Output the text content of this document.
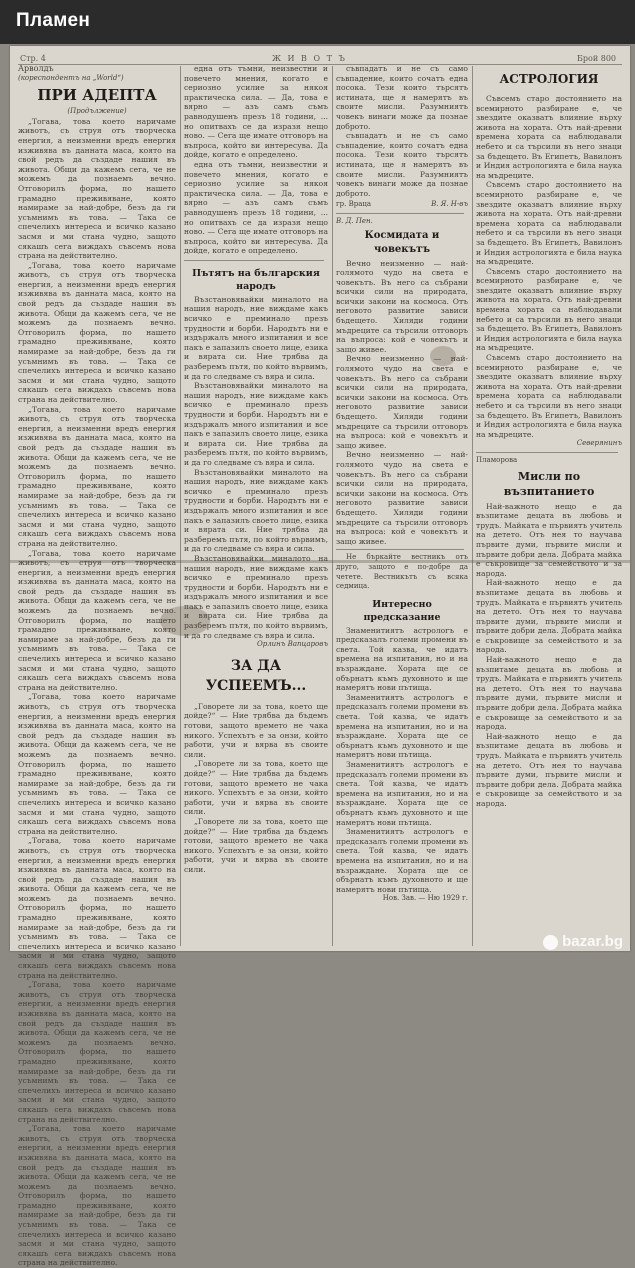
Пламен
Стр. 4	Ж И В О Т Ъ	Брой 800
Арволдъ
(кореспондентъ на „World“)
ПРИ АДЕПТА
(Продължение)

„Тогава, това което наричаме животъ, съ струя отъ творческа енергия, а неизменни вредъ енергия изживява въ данната маса, която на свой редъ да създаде нашия въ живота. Общи да кажемъ сега, че не можемъ да познаемъ вечно. Отговорилъ форма, по нашето грамадно преживяване, която намираме за най-добре, безъ да ги усъмнимъ въ това. — Така се спечелихъ интереса и всичко казано засмя и ми стана чудно, защото сякашъ сега виждахъ съвсемъ нова страна на действително.

„Тогава, това което наричаме животъ, съ струя отъ творческа енергия, а неизменни вредъ енергия изживява въ данната маса, която на свой редъ да създаде нашия въ живота. Общи да кажемъ сега, че не можемъ да познаемъ вечно. Отговорилъ форма, по нашето грамадно преживяване, която намираме за най-добре, безъ да ги усъмнимъ въ това. — Така се спечелихъ интереса и всичко казано засмя и ми стана чудно, защото сякашъ сега виждахъ съвсемъ нова страна на действително.

„Тогава, това което наричаме животъ, съ струя отъ творческа енергия, а неизменни вредъ енергия изживява въ данната маса, която на свой редъ да създаде нашия въ живота. Общи да кажемъ сега, че не можемъ да познаемъ вечно. Отговорилъ форма, по нашето грамадно преживяване, която намираме за най-добре, безъ да ги усъмнимъ въ това. — Така се спечелихъ интереса и всичко казано засмя и ми стана чудно, защото сякашъ сега виждахъ съвсемъ нова страна на действително.

„Тогава, това което наричаме животъ, съ струя отъ творческа енергия, а неизменни вредъ енергия изживява въ данната маса, която на свой редъ да създаде нашия въ живота. Общи да кажемъ сега, че не можемъ да познаемъ вечно. Отговорилъ форма, по нашето грамадно преживяване, която намираме за най-добре, безъ да ги усъмнимъ въ това. — Така се спечелихъ интереса и всичко казано засмя и ми стана чудно, защото сякашъ сега виждахъ съвсемъ нова страна на действително.

„Тогава, това което наричаме животъ, съ струя отъ творческа енергия, а неизменни вредъ енергия изживява въ данната маса, която на свой редъ да създаде нашия въ живота. Общи да кажемъ сега, че не можемъ да познаемъ вечно. Отговорилъ форма, по нашето грамадно преживяване, която намираме за най-добре, безъ да ги усъмнимъ въ това. — Така се спечелихъ интереса и всичко казано засмя и ми стана чудно, защото сякашъ сега виждахъ съвсемъ нова страна на действително.

„Тогава, това което наричаме животъ, съ струя отъ творческа енергия, а неизменни вредъ енергия изживява въ данната маса, която на свой редъ да създаде нашия въ живота. Общи да кажемъ сега, че не можемъ да познаемъ вечно. Отговорилъ форма, по нашето грамадно преживяване, която намираме за най-добре, безъ да ги усъмнимъ въ това. — Така се спечелихъ интереса и всичко казано засмя и ми стана чудно, защото сякашъ сега виждахъ съвсемъ нова страна на действително.

„Тогава, това което наричаме животъ, съ струя отъ творческа енергия, а неизменни вредъ енергия изживява въ данната маса, която на свой редъ да създаде нашия въ живота. Общи да кажемъ сега, че не можемъ да познаемъ вечно. Отговорилъ форма, по нашето грамадно преживяване, която намираме за най-добре, безъ да ги усъмнимъ въ това. — Така се спечелихъ интереса и всичко казано засмя и ми стана чудно, защото сякашъ сега виждахъ съвсемъ нова страна на действително.

„Тогава, това което наричаме животъ, съ струя отъ творческа енергия, а неизменни вредъ енергия изживява въ данната маса, която на свой редъ да създаде нашия въ живота. Общи да кажемъ сега, че не можемъ да познаемъ вечно. Отговорилъ форма, по нашето грамадно преживяване, която намираме за най-добре, безъ да ги усъмнимъ въ това. — Така се спечелихъ интереса и всичко казано засмя и ми стана чудно, защото сякашъ сега виждахъ съвсемъ нова страна на действително.

една отъ тъмни, неизвестни и повечето мнения, когато е сериозно усилие за някоя практическа сила. — Да, това е вярно — азъ самъ съмъ равнодушенъ презъ 18 години, ... но опитвахъ се да изразя нещо ново. — Сега ще имате отговоръ на въпроса, който ви интересува. Да дойде, когато е определено.

една отъ тъмни, неизвестни и повечето мнения, когато е сериозно усилие за някоя практическа сила. — Да, това е вярно — азъ самъ съмъ равнодушенъ презъ 18 години, ... но опитвахъ се да изразя нещо ново. — Сега ще имате отговоръ на въпроса, който ви интересува. Да дойде, когато е определено.

Пътятъ на българския народъ

Възстановявайки миналото на нашия народъ, ние виждаме какъ всичко е преминало презъ трудности и борби. Народътъ ни е издържалъ много изпитания и все пакъ е запазилъ своето лице, езика и вярата си. Ние трябва да разберемъ пътя, по който вървимъ, и да го следваме съ вяра и сила.

Възстановявайки миналото на нашия народъ, ние виждаме какъ всичко е преминало презъ трудности и борби. Народътъ ни е издържалъ много изпитания и все пакъ е запазилъ своето лице, езика и вярата си. Ние трябва да разберемъ пътя, по който вървимъ, и да го следваме съ вяра и сила.

Възстановявайки миналото на нашия народъ, ние виждаме какъ всичко е преминало презъ трудности и борби. Народътъ ни е издържалъ много изпитания и все пакъ е запазилъ своето лице, езика и вярата си. Ние трябва да разберемъ пътя, по който вървимъ, и да го следваме съ вяра и сила.

Възстановявайки миналото на нашия народъ, ние виждаме какъ всичко е преминало презъ трудности и борби. Народътъ ни е издържалъ много изпитания и все пакъ е запазилъ своето лице, езика и вярата си. Ние трябва да разберемъ пътя, по който вървимъ, и да го следваме съ вяра и сила.

Орлинъ Вапцаровъ
ЗА ДА УСПЕЕМЪ...

„Говорете ли за това, което ще дойде?“ — Ние трябва да бъдемъ готови, защото времето не чака никого. Успехътъ е за онзи, който работи, учи и вярва въ своите сили.

„Говорете ли за това, което ще дойде?“ — Ние трябва да бъдемъ готови, защото времето не чака никого. Успехътъ е за онзи, който работи, учи и вярва въ своите сили.

„Говорете ли за това, което ще дойде?“ — Ние трябва да бъдемъ готови, защото времето не чака никого. Успехътъ е за онзи, който работи, учи и вярва въ своите сили.

съвпадатъ и не съ само съвпадение, които сочатъ една посока. Тези които търсятъ истината, ще я намерятъ въ своите мисли. Разумниятъ човекъ винаги може да познае доброто.

съвпадатъ и не съ само съвпадение, които сочатъ една посока. Тези които търсятъ истината, ще я намерятъ въ своите мисли. Разумниятъ човекъ винаги може да познае доброто.

гр. Враца	В. Я. Н-въ
В. Д. Пен.
Космидата и човекътъ

Вечно неизменно — най-голямото чудо на света е човекътъ. Въ него са събрани всички сили на природата, всички закони на космоса. Отъ неговото развитие зависи бъдещето. Хиляди години мъдреците са търсили отговоръ на въпроса: кой е човекътъ и защо живее.

Вечно неизменно — най-голямото чудо на света е човекътъ. Въ него са събрани всички сили на природата, всички закони на космоса. Отъ неговото развитие зависи бъдещето. Хиляди години мъдреците са търсили отговоръ на въпроса: кой е човекътъ и защо живее.

Вечно неизменно — най-голямото чудо на света е човекътъ. Въ него са събрани всички сили на природата, всички закони на космоса. Отъ неговото развитие зависи бъдещето. Хиляди години мъдреците са търсили отговоръ на въпроса: кой е човекътъ и защо живее.

Не бъркайте вестникъ отъ друго, защото е по-добре да четете. Вестникътъ съ всяка седмица.

Интересно предсказание

Знаменитиятъ астрологъ е предсказалъ големи промени въ света. Той казва, че идатъ времена на изпитания, но и на възраждане. Хората ще се обърнатъ къмъ духовното и ще намерятъ нови пътища.

Знаменитиятъ астрологъ е предсказалъ големи промени въ света. Той казва, че идатъ времена на изпитания, но и на възраждане. Хората ще се обърнатъ къмъ духовното и ще намерятъ нови пътища.

Знаменитиятъ астрологъ е предсказалъ големи промени въ света. Той казва, че идатъ времена на изпитания, но и на възраждане. Хората ще се обърнатъ къмъ духовното и ще намерятъ нови пътища.

Знаменитиятъ астрологъ е предсказалъ големи промени въ света. Той казва, че идатъ времена на изпитания, но и на възраждане. Хората ще се обърнатъ къмъ духовното и ще намерятъ нови пътища.

Нов. Зав. — Ню 1929 г.
АСТРОЛОГИЯ

Съвсемъ старо достоянието на всемирното разбиране е, че звездите оказватъ влияние върху живота на хората. Отъ най-древни времена хората са наблюдавали небето и са търсили въ него знаци за бъдещето. Въ Египетъ, Вавилонъ и Индия астрологията е била наука на мъдреците.

Съвсемъ старо достоянието на всемирното разбиране е, че звездите оказватъ влияние върху живота на хората. Отъ най-древни времена хората са наблюдавали небето и са търсили въ него знаци за бъдещето. Въ Египетъ, Вавилонъ и Индия астрологията е била наука на мъдреците.

Съвсемъ старо достоянието на всемирното разбиране е, че звездите оказватъ влияние върху живота на хората. Отъ най-древни времена хората са наблюдавали небето и са търсили въ него знаци за бъдещето. Въ Египетъ, Вавилонъ и Индия астрологията е била наука на мъдреците.

Съвсемъ старо достоянието на всемирното разбиране е, че звездите оказватъ влияние върху живота на хората. Отъ най-древни времена хората са наблюдавали небето и са търсили въ него знаци за бъдещето. Въ Египетъ, Вавилонъ и Индия астрологията е била наука на мъдреците.

Северянинъ
Пламорова
Мисли по възпитанието

Най-важното нещо е да възпитаме децата въ любовь и трудъ. Майката е първиятъ учитель на детето. Отъ нея то научава първите думи, първите мисли и първите добри дела. Добрата майка е съкровище за семейството и за народа.

Най-важното нещо е да възпитаме децата въ любовь и трудъ. Майката е първиятъ учитель на детето. Отъ нея то научава първите думи, първите мисли и първите добри дела. Добрата майка е съкровище за семейството и за народа.

Най-важното нещо е да възпитаме децата въ любовь и трудъ. Майката е първиятъ учитель на детето. Отъ нея то научава първите думи, първите мисли и първите добри дела. Добрата майка е съкровище за семейството и за народа.

Най-важното нещо е да възпитаме децата въ любовь и трудъ. Майката е първиятъ учитель на детето. Отъ нея то научава първите думи, първите мисли и първите добри дела. Добрата майка е съкровище за семейството и за народа.

bazar.bg
